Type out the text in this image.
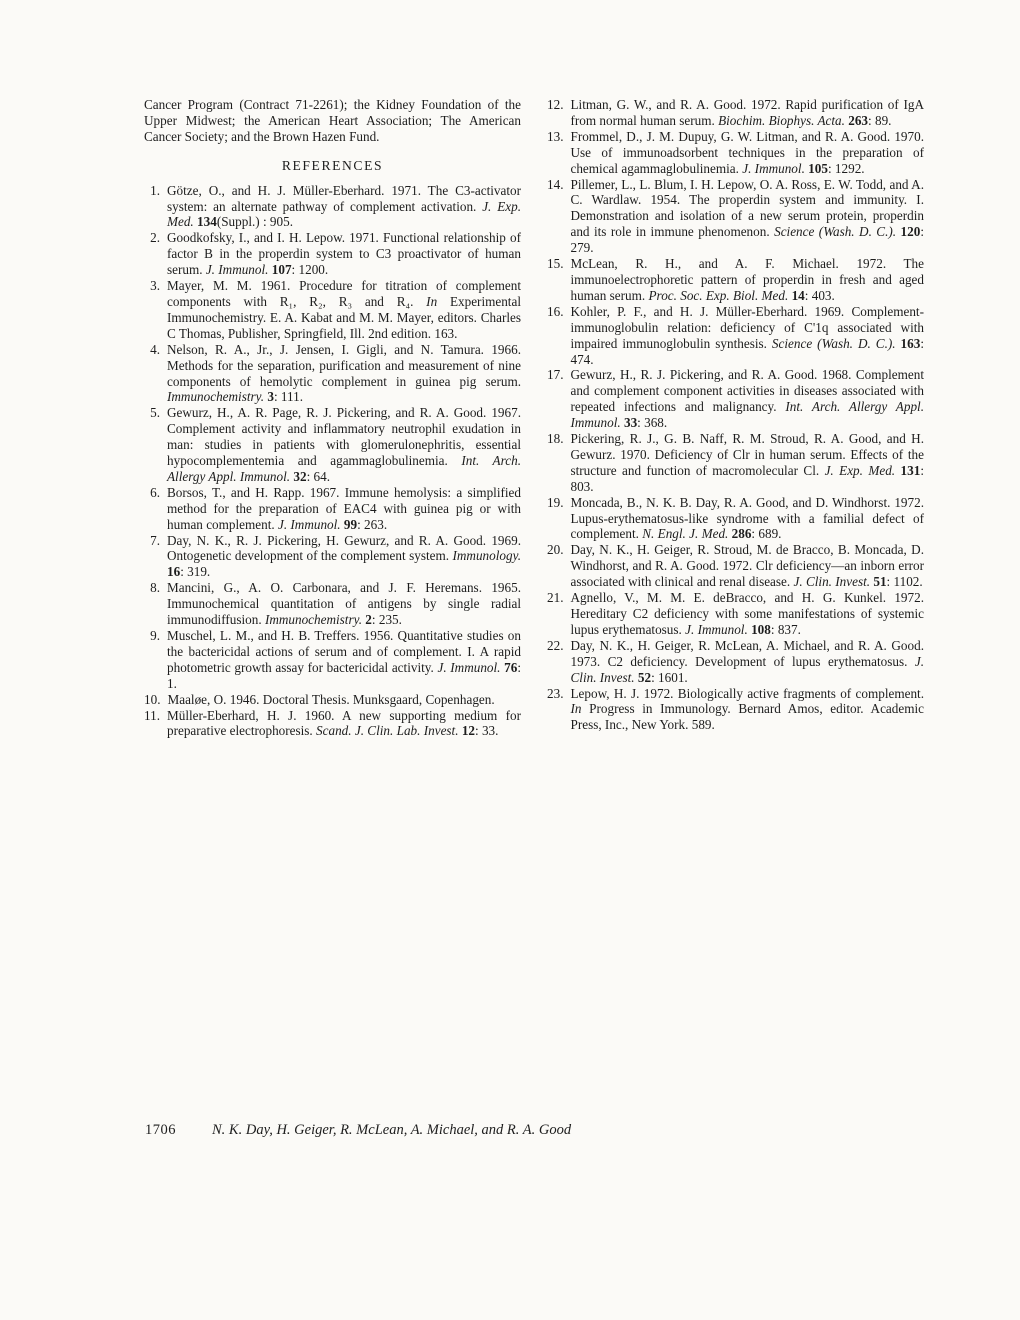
Cancer Program (Contract 71-2261); the Kidney Foundation of the Upper Midwest; the American Heart Association; The American Cancer Society; and the Brown Hazen Fund.

REFERENCES
1. Götze, O., and H. J. Müller-Eberhard. 1971. The C3-activator system: an alternate pathway of complement activation. J. Exp. Med. 134(Suppl.) : 905.
2. Goodkofsky, I., and I. H. Lepow. 1971. Functional relationship of factor B in the properdin system to C3 proactivator of human serum. J. Immunol. 107: 1200.
3. Mayer, M. M. 1961. Procedure for titration of complement components with R₁, R₂, R₃ and R₄. In Experimental Immunochemistry. E. A. Kabat and M. M. Mayer, editors. Charles C Thomas, Publisher, Springfield, Ill. 2nd edition. 163.
4. Nelson, R. A., Jr., J. Jensen, I. Gigli, and N. Tamura. 1966. Methods for the separation, purification and measurement of nine components of hemolytic complement in guinea pig serum. Immunochemistry. 3: 111.
5. Gewurz, H., A. R. Page, R. J. Pickering, and R. A. Good. 1967. Complement activity and inflammatory neutrophil exudation in man: studies in patients with glomerulonephritis, essential hypocomplementemia and agammaglobulinemia. Int. Arch. Allergy Appl. Immunol. 32: 64.
6. Borsos, T., and H. Rapp. 1967. Immune hemolysis: a simplified method for the preparation of EAC4 with guinea pig or with human complement. J. Immunol. 99: 263.
7. Day, N. K., R. J. Pickering, H. Gewurz, and R. A. Good. 1969. Ontogenetic development of the complement system. Immunology. 16: 319.
8. Mancini, G., A. O. Carbonara, and J. F. Heremans. 1965. Immunochemical quantitation of antigens by single radial immunodiffusion. Immunochemistry. 2: 235.
9. Muschel, L. M., and H. B. Treffers. 1956. Quantitative studies on the bactericidal actions of serum and of complement. I. A rapid photometric growth assay for bactericidal activity. J. Immunol. 76: 1.
10. Maaløe, O. 1946. Doctoral Thesis. Munksgaard, Copenhagen.
11. Müller-Eberhard, H. J. 1960. A new supporting medium for preparative electrophoresis. Scand. J. Clin. Lab. Invest. 12: 33.
12. Litman, G. W., and R. A. Good. 1972. Rapid purification of IgA from normal human serum. Biochim. Biophys. Acta. 263: 89.
13. Frommel, D., J. M. Dupuy, G. W. Litman, and R. A. Good. 1970. Use of immunoadsorbent techniques in the preparation of chemical agammaglobulinemia. J. Immunol. 105: 1292.
14. Pillemer, L., L. Blum, I. H. Lepow, O. A. Ross, E. W. Todd, and A. C. Wardlaw. 1954. The properdin system and immunity. I. Demonstration and isolation of a new serum protein, properdin and its role in immune phenomenon. Science (Wash. D. C.). 120: 279.
15. McLean, R. H., and A. F. Michael. 1972. The immunoelectrophoretic pattern of properdin in fresh and aged human serum. Proc. Soc. Exp. Biol. Med. 14: 403.
16. Kohler, P. F., and H. J. Müller-Eberhard. 1969. Complement-immunoglobulin relation: deficiency of C'1q associated with impaired immunoglobulin synthesis. Science (Wash. D. C.). 163: 474.
17. Gewurz, H., R. J. Pickering, and R. A. Good. 1968. Complement and complement component activities in diseases associated with repeated infections and malignancy. Int. Arch. Allergy Appl. Immunol. 33: 368.
18. Pickering, R. J., G. B. Naff, R. M. Stroud, R. A. Good, and H. Gewurz. 1970. Deficiency of Clr in human serum. Effects of the structure and function of macromolecular Cl. J. Exp. Med. 131: 803.
19. Moncada, B., N. K. B. Day, R. A. Good, and D. Windhorst. 1972. Lupus-erythematosus-like syndrome with a familial defect of complement. N. Engl. J. Med. 286: 689.
20. Day, N. K., H. Geiger, R. Stroud, M. de Bracco, B. Moncada, D. Windhorst, and R. A. Good. 1972. Clr deficiency—an inborn error associated with clinical and renal disease. J. Clin. Invest. 51: 1102.
21. Agnello, V., M. M. E. deBracco, and H. G. Kunkel. 1972. Hereditary C2 deficiency with some manifestations of systemic lupus erythematosus. J. Immunol. 108: 837.
22. Day, N. K., H. Geiger, R. McLean, A. Michael, and R. A. Good. 1973. C2 deficiency. Development of lupus erythematosus. J. Clin. Invest. 52: 1601.
23. Lepow, H. J. 1972. Biologically active fragments of complement. In Progress in Immunology. Bernard Amos, editor. Academic Press, Inc., New York. 589.
1706 N. K. Day, H. Geiger, R. McLean, A. Michael, and R. A. Good
